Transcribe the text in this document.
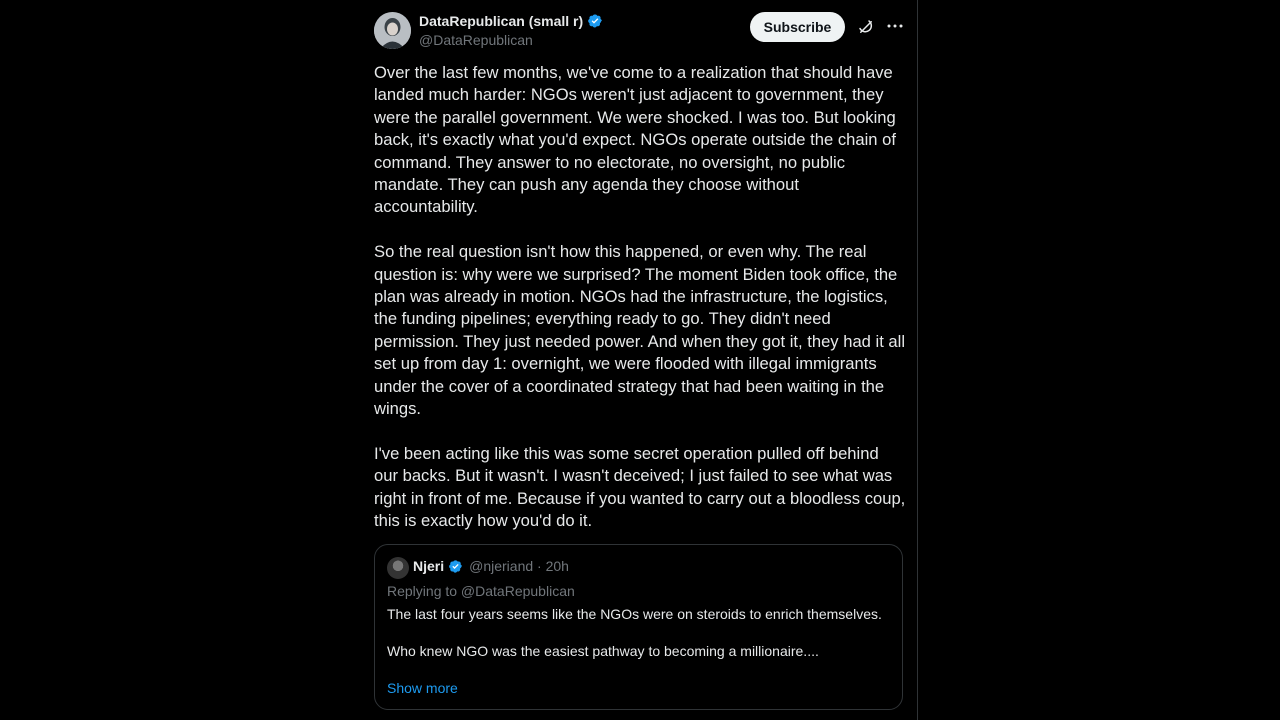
DataRepublican (small r)
@DataRepublican
Subscribe

Over the last few months, we've come to a realization that should have landed much harder: NGOs weren't just adjacent to government, they were the parallel government. We were shocked. I was too. But looking back, it's exactly what you'd expect. NGOs operate outside the chain of command. They answer to no electorate, no oversight, no public mandate. They can push any agenda they choose without accountability.

So the real question isn't how this happened, or even why. The real question is: why were we surprised? The moment Biden took office, the plan was already in motion. NGOs had the infrastructure, the logistics, the funding pipelines; everything ready to go. They didn't need permission. They just needed power. And when they got it, they had it all set up from day 1: overnight, we were flooded with illegal immigrants under the cover of a coordinated strategy that had been waiting in the wings.

I've been acting like this was some secret operation pulled off behind our backs. But it wasn't. I wasn't deceived; I just failed to see what was right in front of me. Because if you wanted to carry out a bloodless coup, this is exactly how you'd do it.

Njeri @njeriand · 20h
Replying to @DataRepublican

The last four years seems like the NGOs were on steroids to enrich themselves.

Who knew NGO was the easiest pathway to becoming a millionaire....

Show more
